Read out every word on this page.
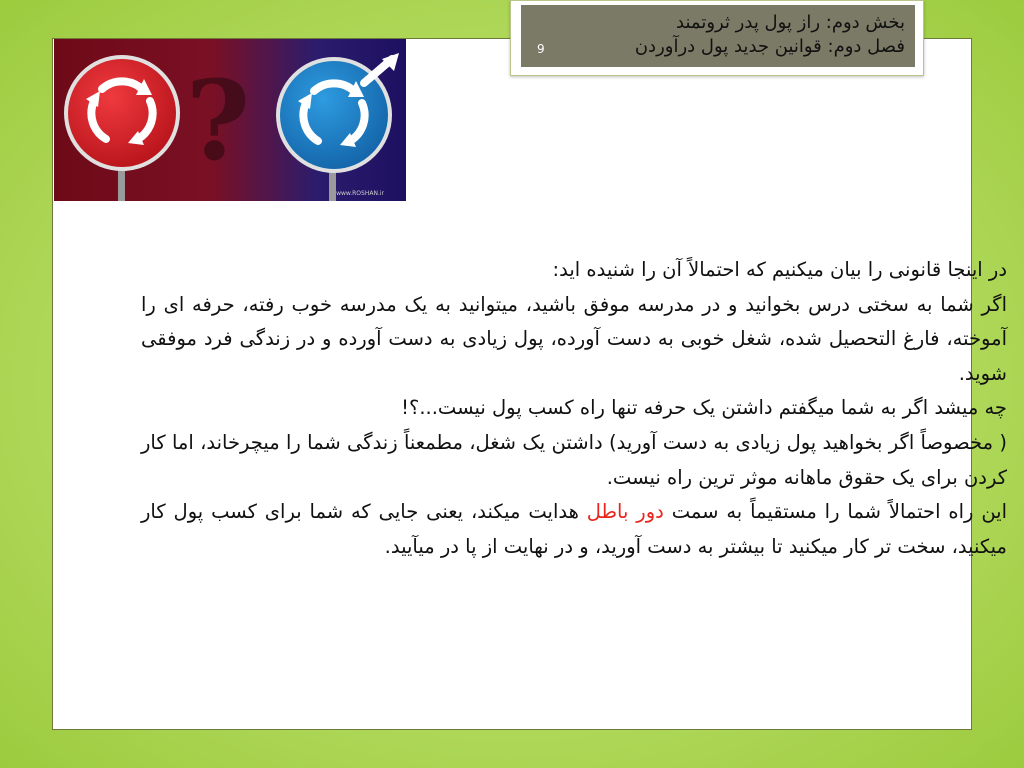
?
www.ROSHAN.ir

در اینجا قانونی را بیان میکنیم که احتمالاً آن را شنیده اید:

اگر شما به سختی درس بخوانید و در مدرسه موفق باشید، میتوانید به یک مدرسه خوب رفته، حرفه ای را آموخته، فارغ التحصیل شده، شغل خوبی به دست آورده، پول زیادی به دست آورده و در زندگی فرد موفقی شوید.

چه میشد اگر به شما میگفتم داشتن یک حرفه تنها راه کسب پول نیست...؟!

( مخصوصاً اگر بخواهید پول زیادی به دست آورید) داشتن یک شغل، مطمعناً زندگی شما را میچرخاند، اما کار کردن برای یک حقوق ماهانه موثر ترین راه نیست.

این راه احتمالاً شما را مستقیماً به سمت دور باطل هدایت میکند، یعنی جایی که شما برای کسب پول کار میکنید، سخت تر کار میکنید تا بیشتر به دست آورید، و در نهایت از پا در میآیید.

بخش دوم: راز پول پدر ثروتمند
فصل دوم: قوانین جدید پول درآوردن
9
